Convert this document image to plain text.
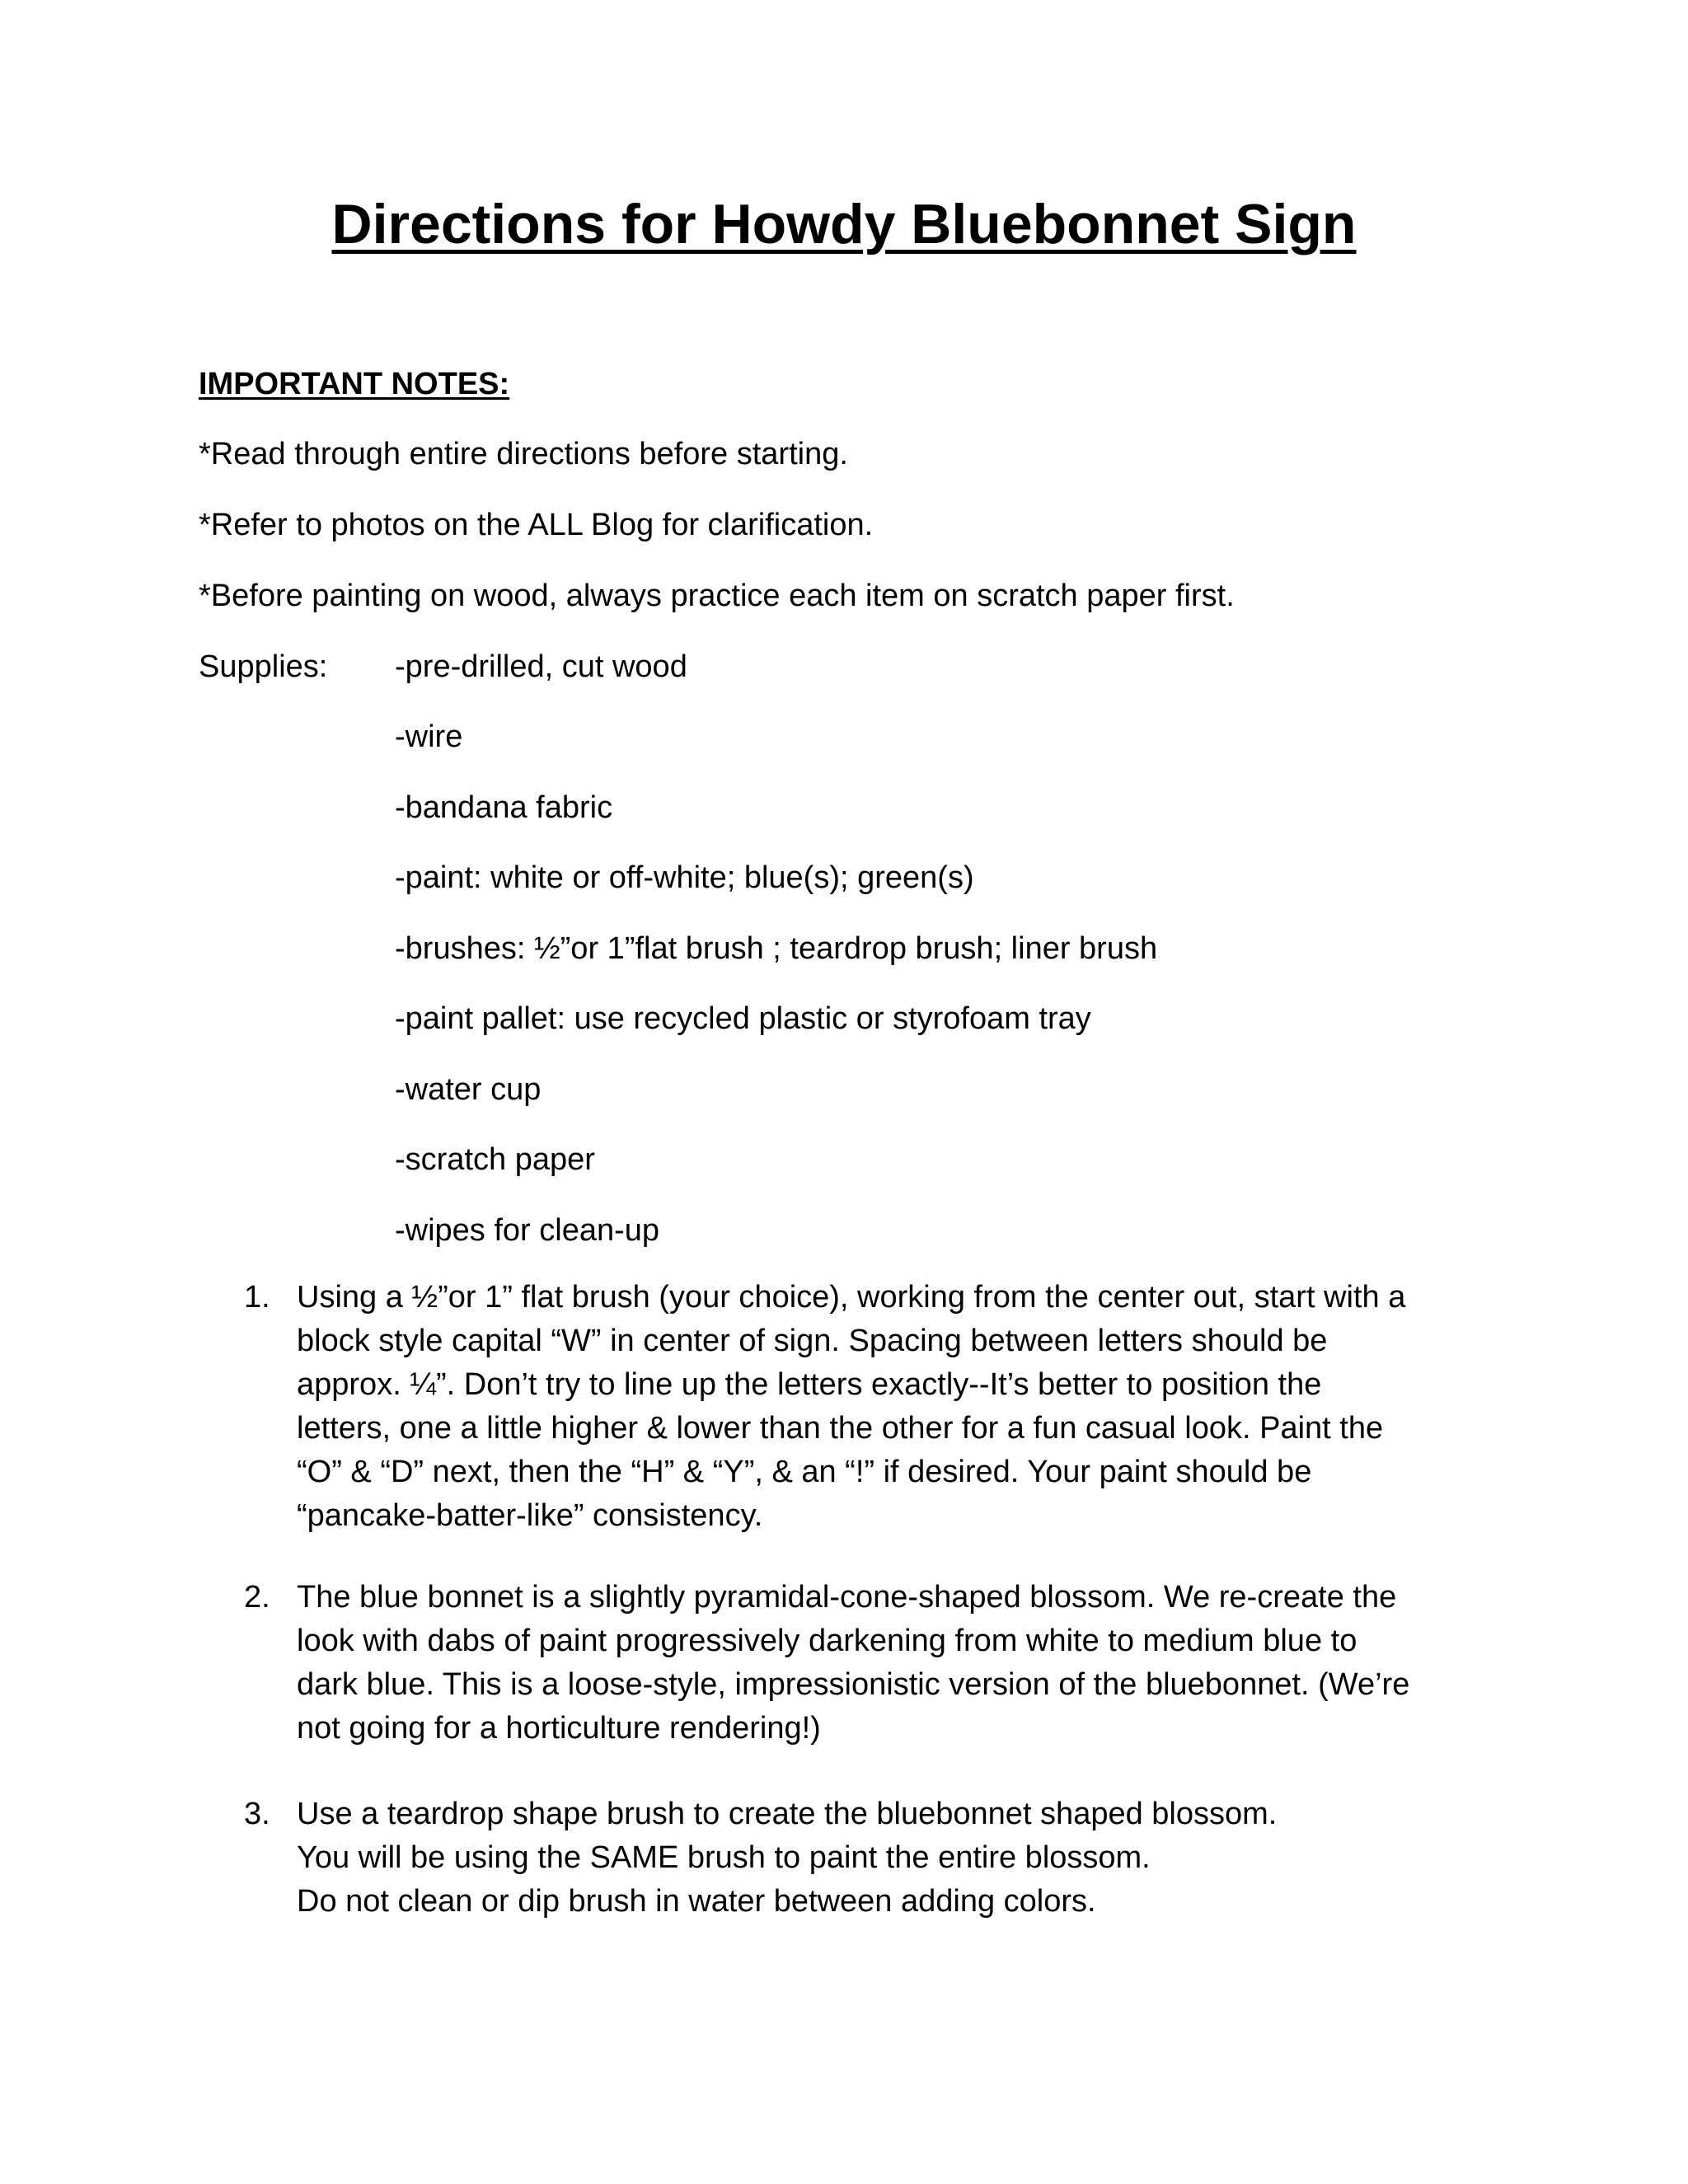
Directions for Howdy Bluebonnet Sign
IMPORTANT NOTES:
*Read through entire directions before starting.
*Refer to photos on the ALL Blog for clarification.
*Before painting on wood, always practice each item on scratch paper first.
Supplies: -pre-drilled, cut wood
-wire
-bandana fabric
-paint: white or off-white; blue(s); green(s)
-brushes: ½”or 1”flat brush ; teardrop brush; liner brush
-paint pallet: use recycled plastic or styrofoam tray
-water cup
-scratch paper
-wipes for clean-up
1. Using a ½”or 1” flat brush (your choice), working from the center out, start with a
block style capital “W” in center of sign. Spacing between letters should be
approx. ¼”. Don’t try to line up the letters exactly--It’s better to position the
letters, one a little higher & lower than the other for a fun casual look. Paint the
“O” & “D” next, then the “H” & “Y”, & an “!” if desired. Your paint should be
“pancake-batter-like” consistency.
2. The blue bonnet is a slightly pyramidal-cone-shaped blossom. We re-create the
look with dabs of paint progressively darkening from white to medium blue to
dark blue. This is a loose-style, impressionistic version of the bluebonnet. (We’re
not going for a horticulture rendering!)
3. Use a teardrop shape brush to create the bluebonnet shaped blossom.
You will be using the SAME brush to paint the entire blossom.
Do not clean or dip brush in water between adding colors.
